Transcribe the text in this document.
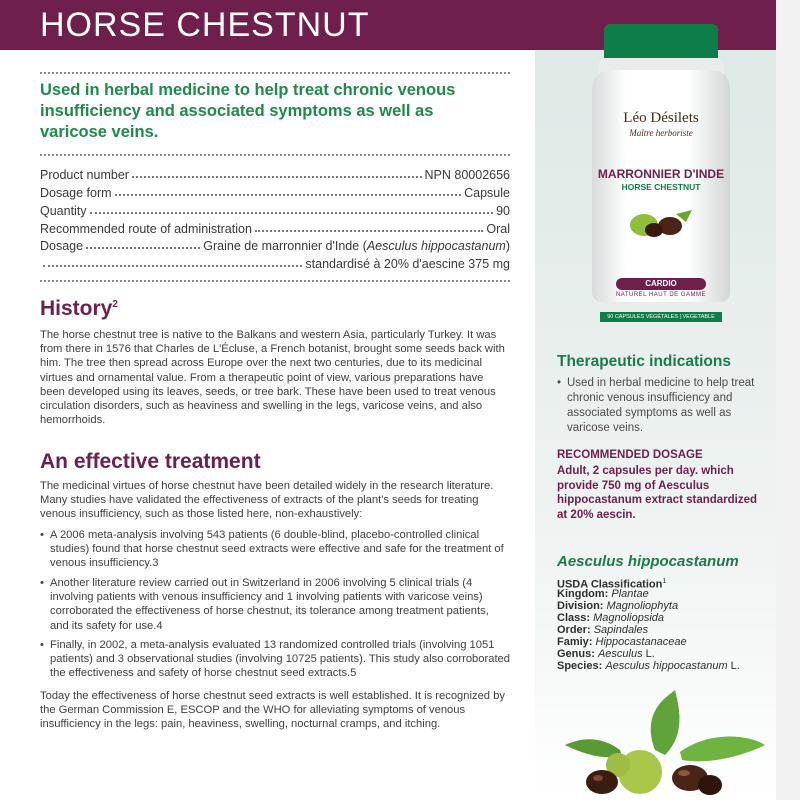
HORSE CHESTNUT

Used in herbal medicine to help treat chronic venous insufficiency and associated symptoms as well as varicose veins.

Product number	NPN 80002656
Dosage form	Capsule
Quantity	90
Recommended route of administration	Oral
Dosage	Graine de marronnier d'Inde (Aesculus hippocastanum)
standardisé à 20% d'aescine 375 mg
History$^2$

The horse chestnut tree is native to the Balkans and western Asia, particularly Turkey. It was from there in 1576 that Charles de L'Écluse, a French botanist, brought some seeds back with him. The tree then spread across Europe over the next two centuries, due to its medicinal virtues and ornamental value. From a therapeutic point of view, various preparations have been developed using its leaves, seeds, or tree bark. These have been used to treat venous circulation disorders, such as heaviness and swelling in the legs, varicose veins, and also hemorrhoids.

An effective treatment

The medicinal virtues of horse chestnut have been detailed widely in the research literature. Many studies have validated the effectiveness of extracts of the plant's seeds for treating venous insufficiency, such as those listed here, non-exhaustively:

• A 2006 meta-analysis involving 543 patients (6 double-blind, placebo-controlled clinical studies) found that horse chestnut seed extracts were effective and safe for the treatment of venous insufficiency.3
• Another literature review carried out in Switzerland in 2006 involving 5 clinical trials (4 involving patients with venous insufficiency and 1 involving patients with varicose veins) corroborated the effectiveness of horse chestnut, its tolerance among treatment patients, and its safety for use.4
• Finally, in 2002, a meta-analysis evaluated 13 randomized controlled trials (involving 1051 patients) and 3 observational studies (involving 10725 patients). This study also corroborated the effectiveness and safety of horse chestnut seed extracts.5

Today the effectiveness of horse chestnut seed extracts is well established. It is recognized by the German Commission E, ESCOP and the WHO for alleviating symptoms of venous insufficiency in the legs: pain, heaviness, swelling, nocturnal cramps, and itching.

Léo Désilets
Maître herboriste
MARRONNIER D'INDE
HORSE CHESTNUT
CARDIO
NATUREL HAUT DE GAMME
90 CAPSULES VÉGÉTALES | VEGETABLE
Therapeutic indications
• Used in herbal medicine to help treat chronic venous insufficiency and associated symptoms as well as varicose veins.
RECOMMENDED DOSAGE
Adult, 2 capsules per day. which provide 750 mg of Aesculus hippocastanum extract standardized at 20% aescin.
Aesculus hippocastanum
USDA Classification$^1$
Kingdom: Plantae
Division: Magnoliophyta
Class: Magnoliopsida
Order: Sapindales
Famiy: Hippocastanaceae
Genus: Aesculus L.
Species: Aesculus hippocastanum L.
